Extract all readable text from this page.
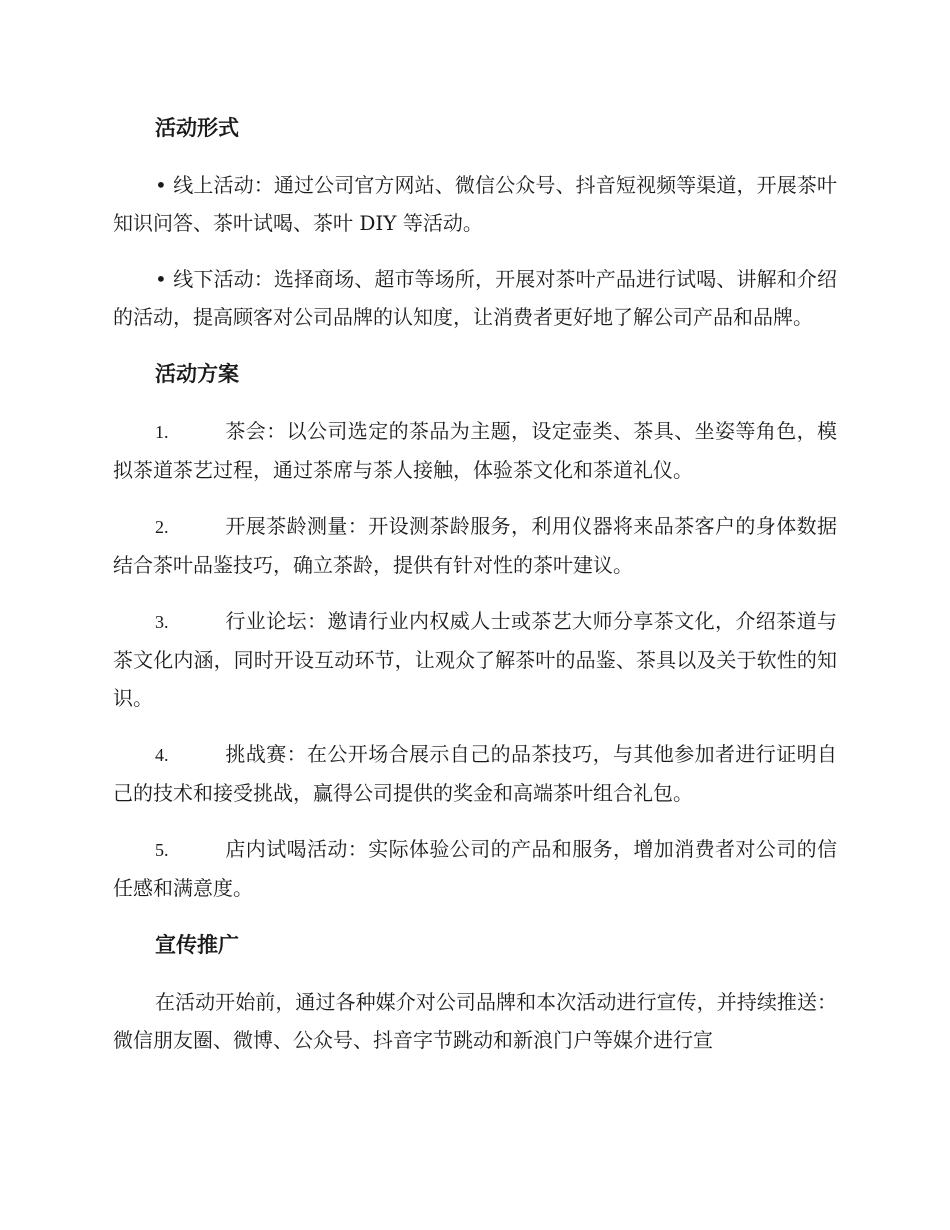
活动形式

• 线上活动：通过公司官方网站、微信公众号、抖音短视频等渠道，开展茶叶知识问答、茶叶试喝、茶叶 DIY 等活动。

• 线下活动：选择商场、超市等场所，开展对茶叶产品进行试喝、讲解和介绍的活动，提高顾客对公司品牌的认知度，让消费者更好地了解公司产品和品牌。

活动方案

1.	茶会：以公司选定的茶品为主题，设定壶类、茶具、坐姿等角色，模拟茶道茶艺过程，通过茶席与茶人接触，体验茶文化和茶道礼仪。

2.	开展茶龄测量：开设测茶龄服务，利用仪器将来品茶客户的身体数据结合茶叶品鉴技巧，确立茶龄，提供有针对性的茶叶建议。

3.	行业论坛：邀请行业内权威人士或茶艺大师分享茶文化，介绍茶道与茶文化内涵，同时开设互动环节，让观众了解茶叶的品鉴、茶具以及关于软性的知识。

4.	挑战赛：在公开场合展示自己的品茶技巧，与其他参加者进行证明自己的技术和接受挑战，赢得公司提供的奖金和高端茶叶组合礼包。

5.	店内试喝活动：实际体验公司的产品和服务，增加消费者对公司的信任感和满意度。

宣传推广

在活动开始前，通过各种媒介对公司品牌和本次活动进行宣传，并持续推送：微信朋友圈、微博、公众号、抖音字节跳动和新浪门户等媒介进行宣
